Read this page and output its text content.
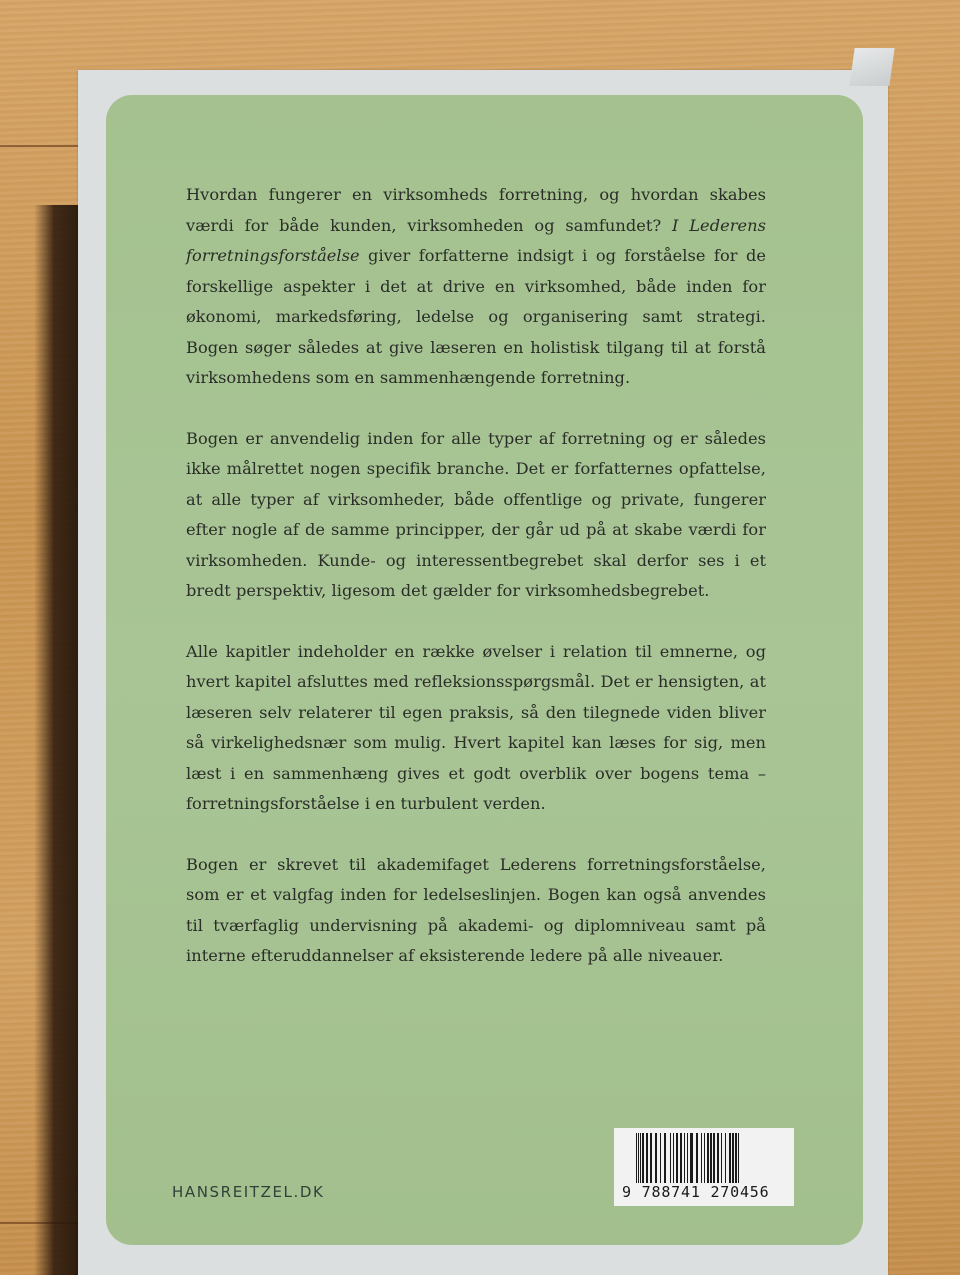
Hvordan fungerer en virksomheds forretning, og hvordan skabes værdi for både kunden, virksomheden og samfundet? I Lederens forretningsforståelse giver forfatterne indsigt i og forståelse for de forskellige aspekter i det at drive en virksomhed, både inden for økonomi, markedsføring, ledelse og organisering samt strategi. Bogen søger således at give læseren en holistisk tilgang til at forstå virksomhedens som en sammenhængende forretning.

Bogen er anvendelig inden for alle typer af forretning og er således ikke målrettet nogen specifik branche. Det er forfatternes opfattelse, at alle typer af virksomheder, både offentlige og private, fungerer efter nogle af de samme principper, der går ud på at skabe værdi for virksomheden. Kunde- og interessentbegrebet skal derfor ses i et bredt perspektiv, ligesom det gælder for virksomhedsbegrebet.

Alle kapitler indeholder en række øvelser i relation til emnerne, og hvert kapitel afsluttes med refleksionsspørgsmål. Det er hensigten, at læseren selv relaterer til egen praksis, så den tilegnede viden bliver så virkelighedsnær som mulig. Hvert kapitel kan læses for sig, men læst i en sammenhæng gives et godt overblik over bogens tema – forretningsforståelse i en turbulent verden.

Bogen er skrevet til akademifaget Lederens forretningsforståelse, som er et valgfag inden for ledelseslinjen. Bogen kan også anvendes til tværfaglig undervisning på akademi- og diplomniveau samt på interne efteruddannelser af eksisterende ledere på alle niveauer.

HANSREITZEL.DK	9 788741 270456
